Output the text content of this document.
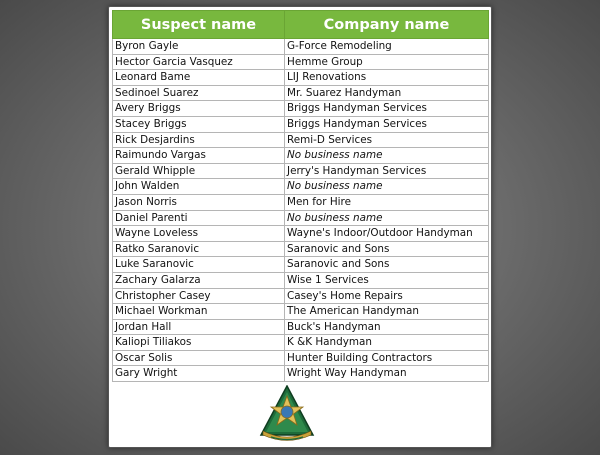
Suspect name	Company name
Byron Gayle	G-Force Remodeling
Hector Garcia Vasquez	Hemme Group
Leonard Bame	LIJ Renovations
Sedinoel Suarez	Mr. Suarez Handyman
Avery Briggs	Briggs Handyman Services
Stacey Briggs	Briggs Handyman Services
Rick Desjardins	Remi-D Services
Raimundo Vargas	No business name
Gerald Whipple	Jerry's Handyman Services
John Walden	No business name
Jason Norris	Men for Hire
Daniel Parenti	No business name
Wayne Loveless	Wayne's Indoor/Outdoor Handyman
Ratko Saranovic	Saranovic and Sons
Luke Saranovic	Saranovic and Sons
Zachary Galarza	Wise 1 Services
Christopher Casey	Casey's Home Repairs
Michael Workman	The American Handyman
Jordan Hall	Buck's Handyman
Kaliopi Tiliakos	K &K Handyman
Oscar Solis	Hunter Building Contractors
Gary Wright	Wright Way Handyman
